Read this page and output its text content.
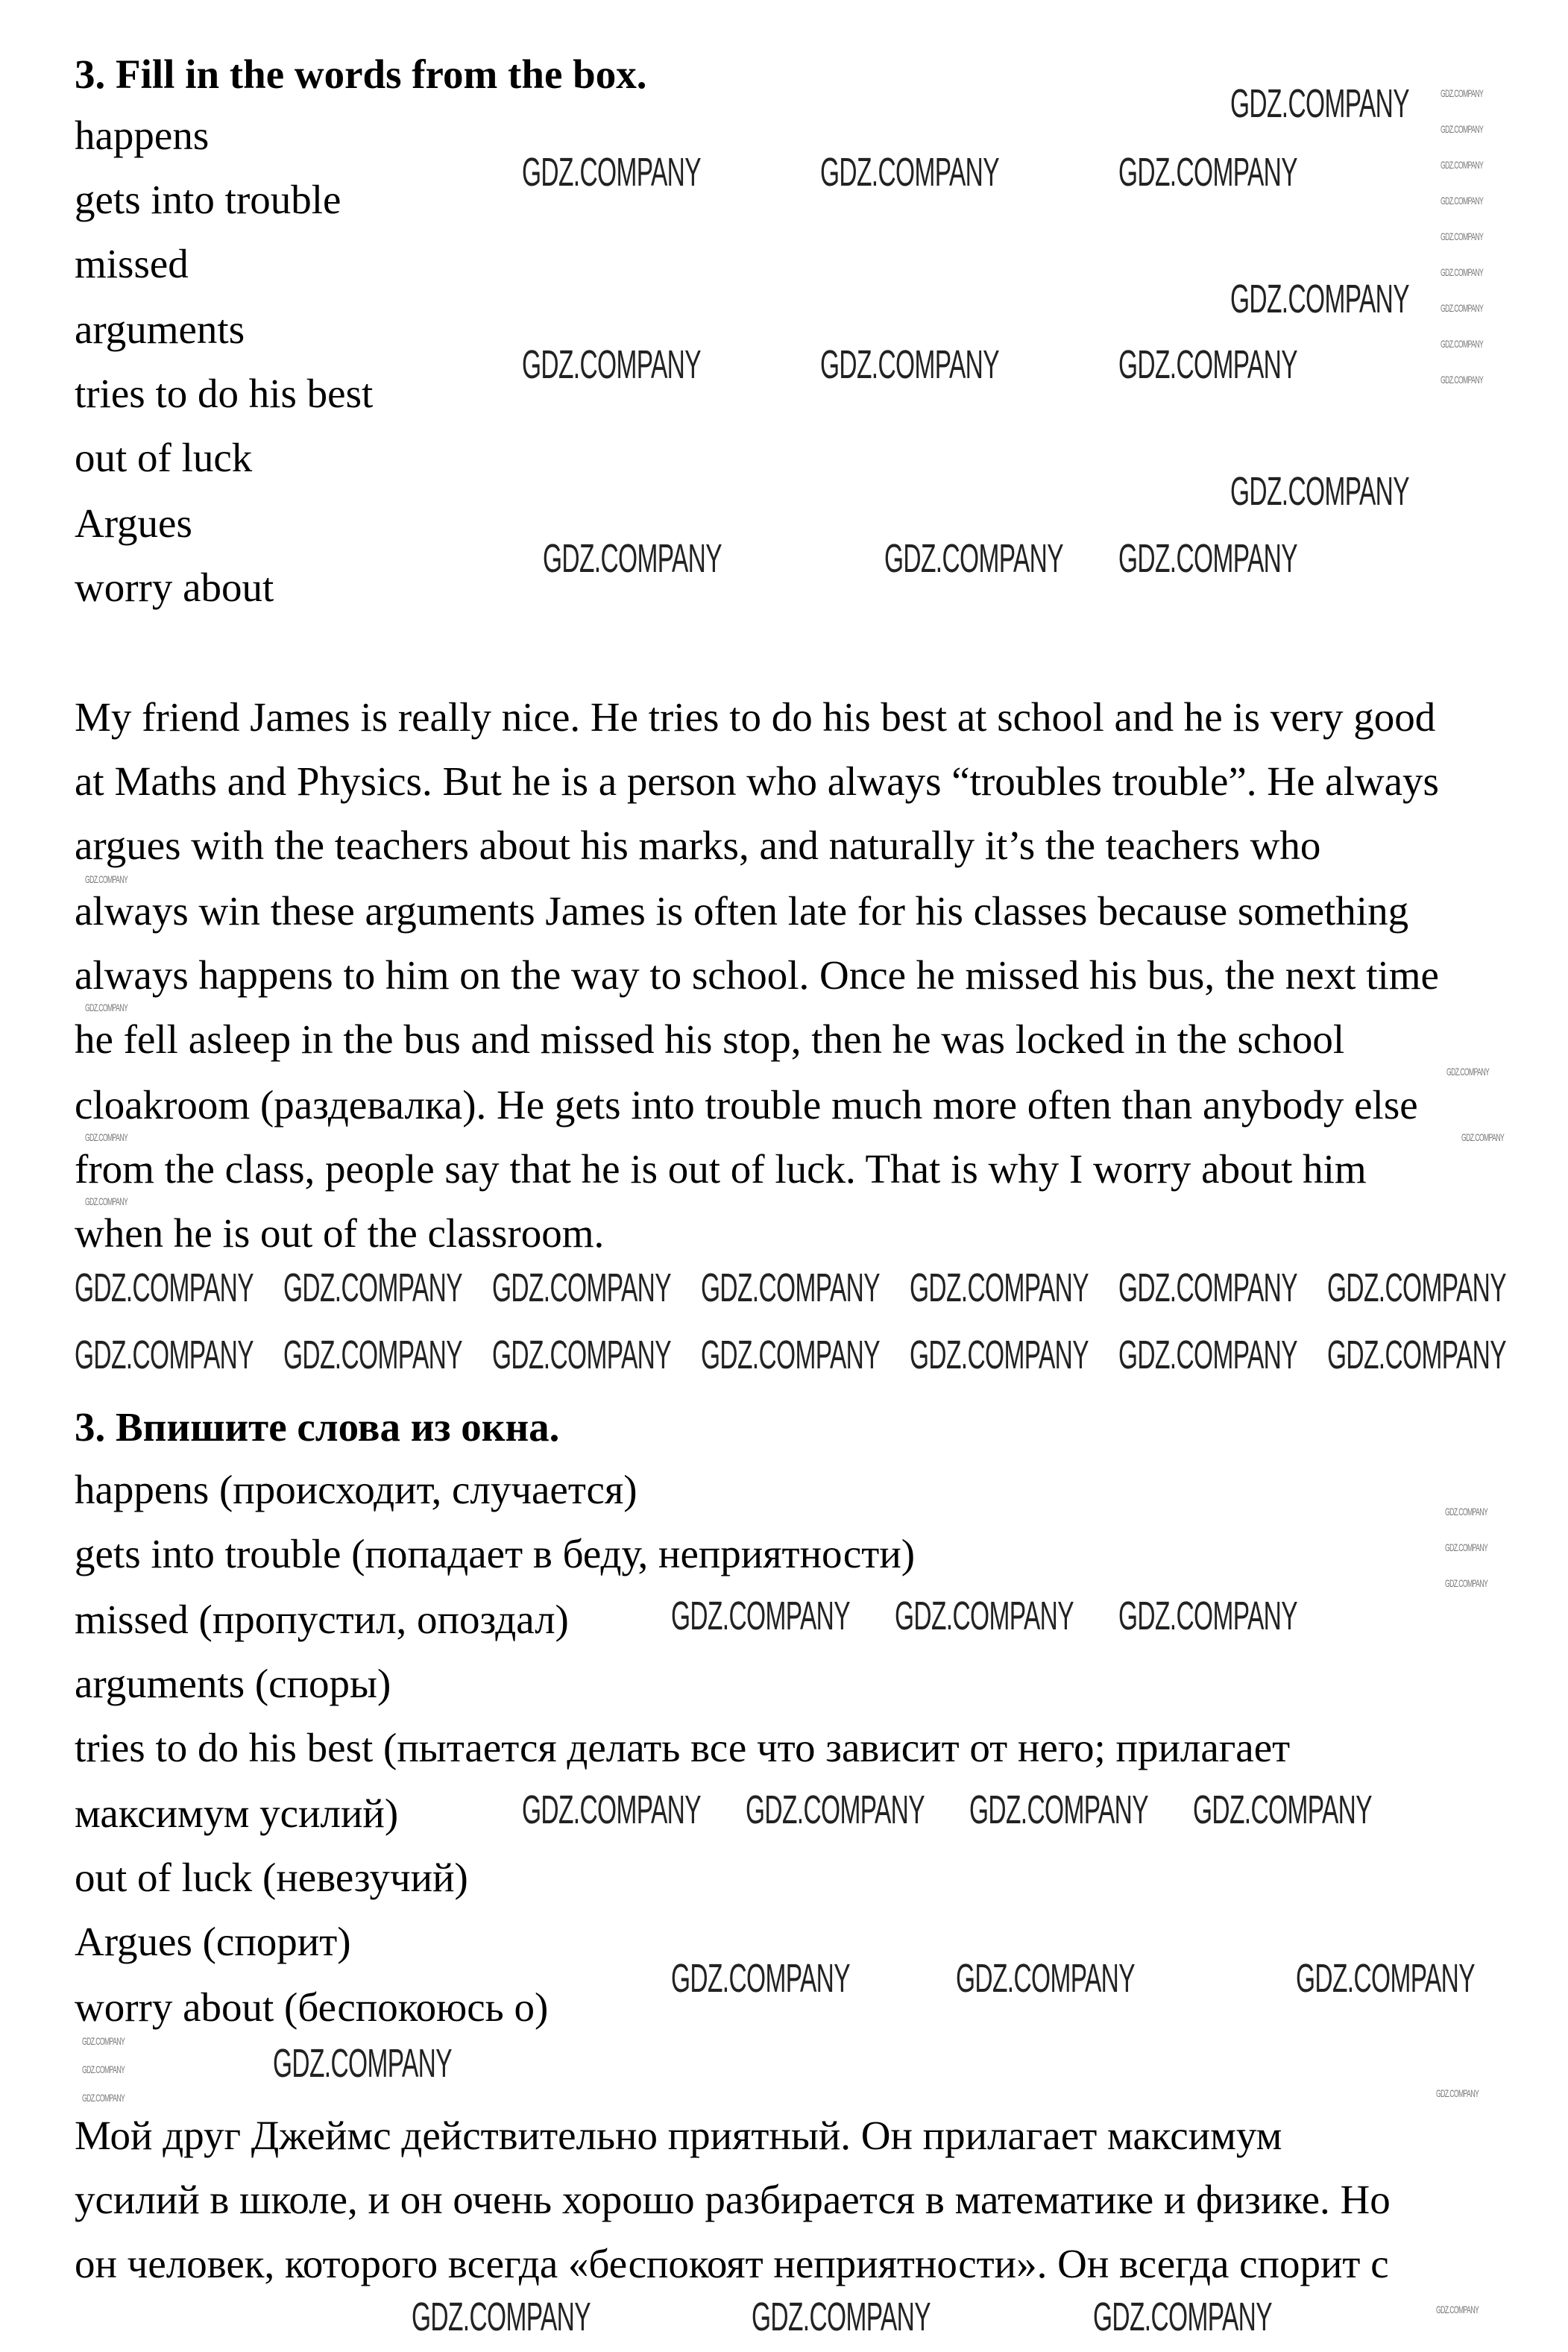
3. Fill in the words from the box.
happens
gets into trouble
missed
arguments
tries to do his best
out of luck
Argues
worry about
My friend James is really nice. He tries to do his best at school and he is very good
at Maths and Physics. But he is a person who always “troubles trouble”. He always
argues with the teachers about his marks, and naturally it’s the teachers who
always win these arguments James is often late for his classes because something
always happens to him on the way to school. Once he missed his bus, the next time
he fell asleep in the bus and missed his stop, then he was locked in the school
cloakroom (раздевалка). He gets into trouble much more often than anybody else
from the class, people say that he is out of luck. That is why I worry about him
when he is out of the classroom.
3. Впишите слова из окна.
happens (происходит, случается)
gets into trouble (попадает в беду, неприятности)
missed (пропустил, опоздал)
arguments (споры)
tries to do his best (пытается делать все что зависит от него; прилагает
максимум усилий)
out of luck (невезучий)
Argues (спорит)
worry about (беспокоюсь о)
Мой друг Джеймс действительно приятный. Он прилагает максимум
усилий в школе, и он очень хорошо разбирается в математике и физике. Но
он человек, которого всегда «беспокоят неприятности». Он всегда спорит с
GDZ.COMPANY
GDZ.COMPANY	GDZ.COMPANY	GDZ.COMPANY
GDZ.COMPANY
GDZ.COMPANY	GDZ.COMPANY	GDZ.COMPANY
GDZ.COMPANY
GDZ.COMPANY	GDZ.COMPANY GDZ.COMPANY
GDZ.COMPANY GDZ.COMPANY GDZ.COMPANY GDZ.COMPANY GDZ.COMPANY GDZ.COMPANY GDZ.COMPANY
GDZ.COMPANY GDZ.COMPANY GDZ.COMPANY GDZ.COMPANY GDZ.COMPANY GDZ.COMPANY GDZ.COMPANY
GDZ.COMPANY GDZ.COMPANY GDZ.COMPANY
GDZ.COMPANY GDZ.COMPANY GDZ.COMPANY GDZ.COMPANY
GDZ.COMPANY	GDZ.COMPANY	GDZ.COMPANY
GDZ.COMPANY
GDZ.COMPANY	GDZ.COMPANY	GDZ.COMPANY
GDZ.COMPANY
GDZ.COMPANY
GDZ.COMPANY
GDZ.COMPANY
GDZ.COMPANY
GDZ.COMPANY
GDZ.COMPANY
GDZ.COMPANY
GDZ.COMPANY
GDZ.COMPANY
GDZ.COMPANY
GDZ.COMPANY
GDZ.COMPANY
GDZ.COMPANY
GDZ.COMPANY
GDZ.COMPANY
GDZ.COMPANY
GDZ.COMPANY
GDZ.COMPANY
GDZ.COMPANY
GDZ.COMPANY	GDZ.COMPANY
GDZ.COMPANY
